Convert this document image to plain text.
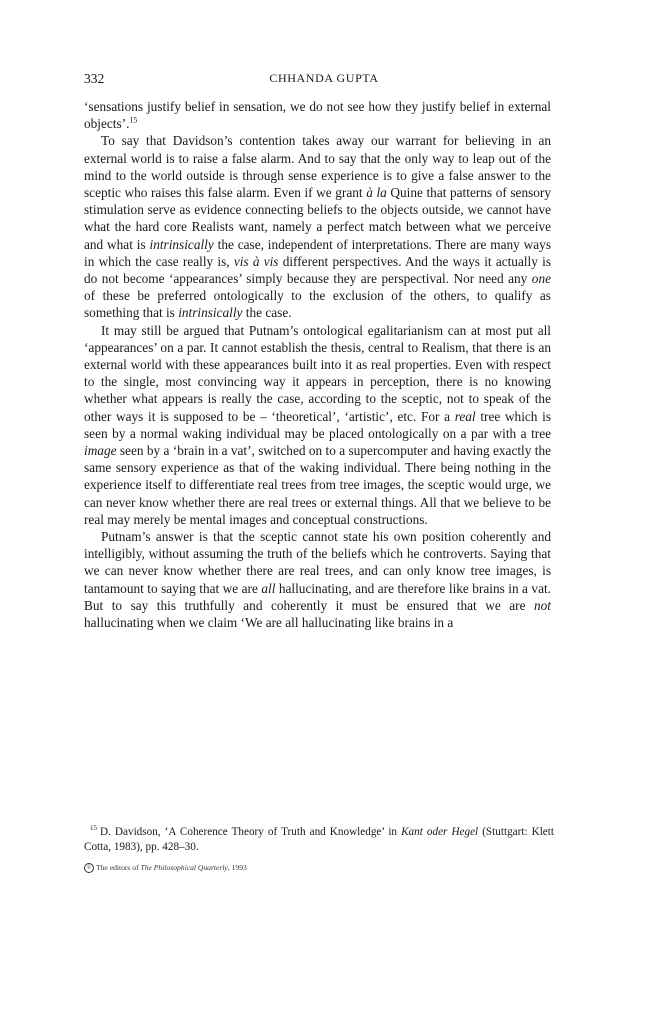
332	CHHANDA GUPTA

‘sensations justify belief in sensation, we do not see how they justify belief in external objects’.$^{15}$

To say that Davidson’s contention takes away our warrant for believing in an external world is to raise a false alarm. And to say that the only way to leap out of the mind to the world outside is through sense experience is to give a false answer to the sceptic who raises this false alarm. Even if we grant à la Quine that patterns of sensory stimulation serve as evidence connecting beliefs to the objects outside, we cannot have what the hard core Realists want, namely a perfect match between what we perceive and what is intrinsically the case, independent of interpretations. There are many ways in which the case really is, vis à vis different perspectives. And the ways it actually is do not become ‘appearances’ simply because they are perspectival. Nor need any one of these be preferred ontologically to the exclusion of the others, to qualify as something that is intrinsically the case.

It may still be argued that Putnam’s ontological egalitarianism can at most put all ‘appearances’ on a par. It cannot establish the thesis, central to Realism, that there is an external world with these appearances built into it as real properties. Even with respect to the single, most convincing way it appears in perception, there is no knowing whether what appears is really the case, according to the sceptic, not to speak of the other ways it is supposed to be – ‘theoretical’, ‘artistic’, etc. For a real tree which is seen by a normal waking individual may be placed ontologically on a par with a tree image seen by a ‘brain in a vat’, switched on to a supercomputer and having exactly the same sensory experience as that of the waking individual. There being nothing in the experience itself to differentiate real trees from tree images, the sceptic would urge, we can never know whether there are real trees or external things. All that we believe to be real may merely be mental images and conceptual constructions.

Putnam’s answer is that the sceptic cannot state his own position coherently and intelligibly, without assuming the truth of the beliefs which he controverts. Saying that we can never know whether there are real trees, and can only know tree images, is tantamount to saying that we are all hallucinating, and are therefore like brains in a vat. But to say this truthfully and coherently it must be ensured that we are not hallucinating when we claim ‘We are all hallucinating like brains in a

$^{15}$ D. Davidson, ‘A Coherence Theory of Truth and Knowledge’ in Kant oder Hegel (Stuttgart: Klett Cotta, 1983), pp. 428–30.
© The editors of The Philosophical Quarterly, 1993
